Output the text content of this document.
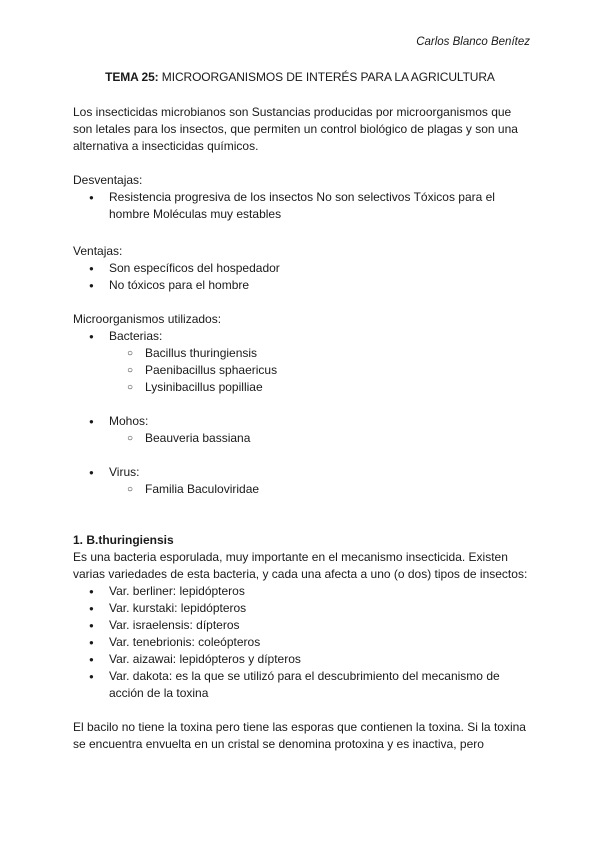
Carlos Blanco Benítez
TEMA 25: MICROORGANISMOS DE INTERÉS PARA LA AGRICULTURA

Los insecticidas microbianos son Sustancias producidas por microorganismos que son letales para los insectos, que permiten un control biológico de plagas y son una alternativa a insecticidas químicos.

Desventajas:

● Resistencia progresiva de los insectos No son selectivos Tóxicos para el hombre Moléculas muy estables

Ventajas:

● Son específicos del hospedador
● No tóxicos para el hombre

Microorganismos utilizados:

● Bacterias:
○ Bacillus thuringiensis
○ Paenibacillus sphaericus
○ Lysinibacillus popilliae
● Mohos:
○ Beauveria bassiana
● Virus:
○ Familia Baculoviridae

1. B.thuringiensis

Es una bacteria esporulada, muy importante en el mecanismo insecticida. Existen varias variedades de esta bacteria, y cada una afecta a uno (o dos) tipos de insectos:

● Var. berliner: lepidópteros
● Var. kurstaki: lepidópteros
● Var. israelensis: dípteros
● Var. tenebrionis: coleópteros
● Var. aizawai: lepidópteros y dípteros
● Var. dakota: es la que se utilizó para el descubrimiento del mecanismo de acción de la toxina

El bacilo no tiene la toxina pero tiene las esporas que contienen la toxina. Si la toxina se encuentra envuelta en un cristal se denomina protoxina y es inactiva, pero
